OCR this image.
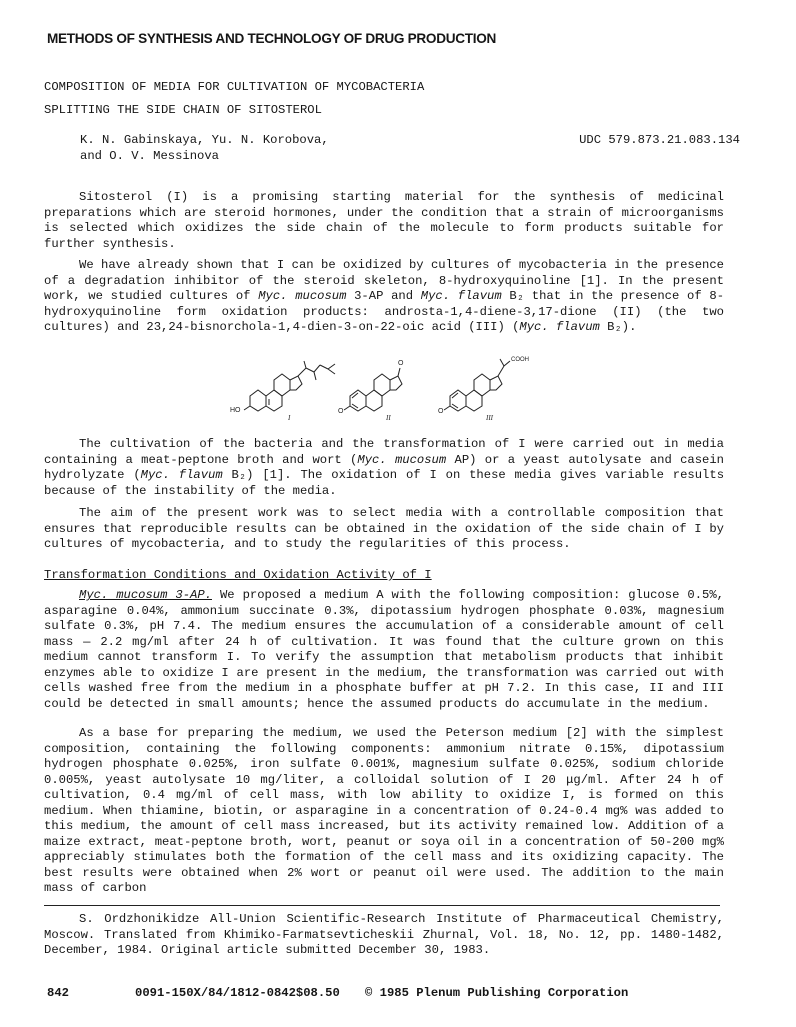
METHODS OF SYNTHESIS AND TECHNOLOGY OF DRUG PRODUCTION
COMPOSITION OF MEDIA FOR CULTIVATION OF MYCOBACTERIA
SPLITTING THE SIDE CHAIN OF SITOSTEROL
K. N. Gabinskaya, Yu. N. Korobova,
and O. V. Messinova
UDC 579.873.21.083.134

Sitosterol (I) is a promising starting material for the synthesis of medicinal preparations which are steroid hormones, under the condition that a strain of microorganisms is selected which oxidizes the side chain of the molecule to form products suitable for further synthesis.

We have already shown that I can be oxidized by cultures of mycobacteria in the presence of a degradation inhibitor of the steroid skeleton, 8-hydroxyquinoline [1]. In the present work, we studied cultures of Myc. mucosum 3-AP and Myc. flavum B₂ that in the presence of 8-hydroxyquinoline form oxidation products: androsta-1,4-diene-3,17-dione (II) (the two cultures) and 23,24-bisnorchola-1,4-dien-3-on-22-oic acid (III) (Myc. flavum B₂).

HO	O
O
O
COOH
I	II	III

The cultivation of the bacteria and the transformation of I were carried out in media containing a meat-peptone broth and wort (Myc. mucosum AP) or a yeast autolysate and casein hydrolyzate (Myc. flavum B₂) [1]. The oxidation of I on these media gives variable results because of the instability of the media.

The aim of the present work was to select media with a controllable composition that ensures that reproducible results can be obtained in the oxidation of the side chain of I by cultures of mycobacteria, and to study the regularities of this process.

Transformation Conditions and Oxidation Activity of I

Myc. mucosum 3-AP. We proposed a medium A with the following composition: glucose 0.5%, asparagine 0.04%, ammonium succinate 0.3%, dipotassium hydrogen phosphate 0.03%, magnesium sulfate 0.3%, pH 7.4. The medium ensures the accumulation of a considerable amount of cell mass — 2.2 mg/ml after 24 h of cultivation. It was found that the culture grown on this medium cannot transform I. To verify the assumption that metabolism products that inhibit enzymes able to oxidize I are present in the medium, the transformation was carried out with cells washed free from the medium in a phosphate buffer at pH 7.2. In this case, II and III could be detected in small amounts; hence the assumed products do accumulate in the medium.

As a base for preparing the medium, we used the Peterson medium [2] with the simplest composition, containing the following components: ammonium nitrate 0.15%, dipotassium hydrogen phosphate 0.025%, iron sulfate 0.001%, magnesium sulfate 0.025%, sodium chloride 0.005%, yeast autolysate 10 mg/liter, a colloidal solution of I 20 μg/ml. After 24 h of cultivation, 0.4 mg/ml of cell mass, with low ability to oxidize I, is formed on this medium. When thiamine, biotin, or asparagine in a concentration of 0.24-0.4 mg% was added to this medium, the amount of cell mass increased, but its activity remained low. Addition of a maize extract, meat-peptone broth, wort, peanut or soya oil in a concentration of 50-200 mg% appreciably stimulates both the formation of the cell mass and its oxidizing capacity. The best results were obtained when 2% wort or peanut oil were used. The addition to the main mass of carbon

S. Ordzhonikidze All-Union Scientific-Research Institute of Pharmaceutical Chemistry, Moscow. Translated from Khimiko-Farmatsevticheskii Zhurnal, Vol. 18, No. 12, pp. 1480-1482, December, 1984. Original article submitted December 30, 1983.

842	0091-150X/84/1812-0842$08.50 © 1985 Plenum Publishing Corporation
